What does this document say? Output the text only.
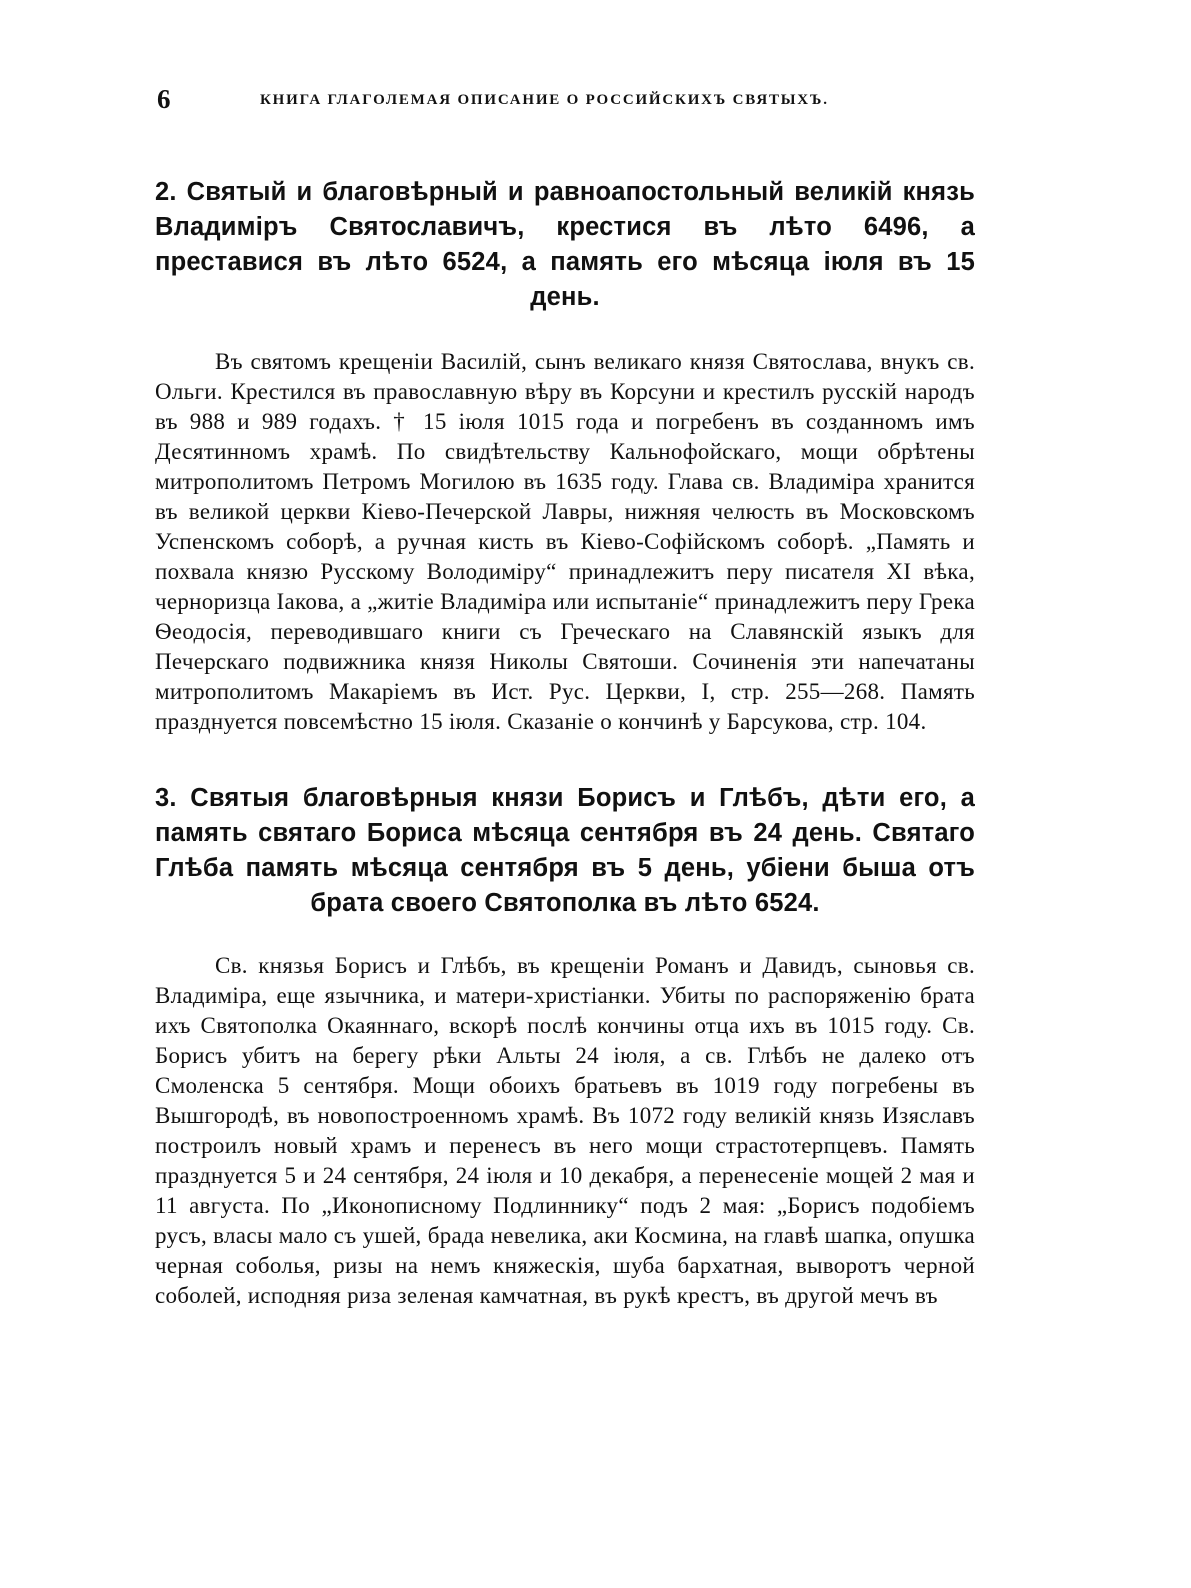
6	КНИГА ГЛАГОЛЕМАЯ ОПИСАНИЕ О РОССИЙСКИХЪ СВЯТЫХЪ.
2. Святый и благовѣрный и равноапостольный великій князь Владиміръ Святославичъ, крестися въ лѣто 6496, а преставися въ лѣто 6524, а память его мѣсяца іюля въ 15 день.

Въ святомъ крещеніи Василій, сынъ великаго князя Святослава, внукъ св. Ольги. Крестился въ православную вѣру въ Корсуни и крестилъ русскій народъ въ 988 и 989 годахъ. † 15 іюля 1015 года и погребенъ въ созданномъ имъ Десятинномъ храмѣ. По свидѣтельству Кальнофойскаго, мощи обрѣтены митрополитомъ Петромъ Могилою въ 1635 году. Глава св. Владиміра хранится въ великой церкви Кіево-Печерской Лавры, нижняя челюсть въ Московскомъ Успенскомъ соборѣ, а ручная кисть въ Кіево-Софійскомъ соборѣ. „Память и похвала князю Русскому Володиміру“ принадлежитъ перу писателя XI вѣка, черноризца Іакова, а „житіе Владиміра или испытаніе“ принадлежитъ перу Грека Ѳеодосія, переводившаго книги съ Греческаго на Славянскій языкъ для Печерскаго подвижника князя Николы Святоши. Сочиненія эти напечатаны митрополитомъ Макаріемъ въ Ист. Рус. Церкви, I, стр. 255—268. Память празднуется повсемѣстно 15 іюля. Сказаніе о кончинѣ у Барсукова, стр. 104.

3. Святыя благовѣрныя князи Борисъ и Глѣбъ, дѣти его, а память святаго Бориса мѣсяца сентября въ 24 день. Святаго Глѣба память мѣсяца сентября въ 5 день, убіени быша отъ брата своего Святополка въ лѣто 6524.

Св. князья Борисъ и Глѣбъ, въ крещеніи Романъ и Давидъ, сыновья св. Владиміра, еще язычника, и матери-христіанки. Убиты по распоряженію брата ихъ Святополка Окаяннаго, вскорѣ послѣ кончины отца ихъ въ 1015 году. Св. Борисъ убитъ на берегу рѣки Альты 24 іюля, а св. Глѣбъ не далеко отъ Смоленска 5 сентября. Мощи обоихъ братьевъ въ 1019 году погребены въ Вышгородѣ, въ новопостроенномъ храмѣ. Въ 1072 году великій князь Изяславъ построилъ новый храмъ и перенесъ въ него мощи страстотерпцевъ. Память празднуется 5 и 24 сентября, 24 іюля и 10 декабря, а перенесеніе мощей 2 мая и 11 августа. По „Иконописному Подлиннику“ подъ 2 мая: „Борисъ подобіемъ русъ, власы мало съ ушей, брада невелика, аки Космина, на главѣ шапка, опушка черная соболья, ризы на немъ княжескія, шуба бархатная, выворотъ черной соболей, исподняя риза зеленая камчатная, въ рукѣ крестъ, въ другой мечъ въ
